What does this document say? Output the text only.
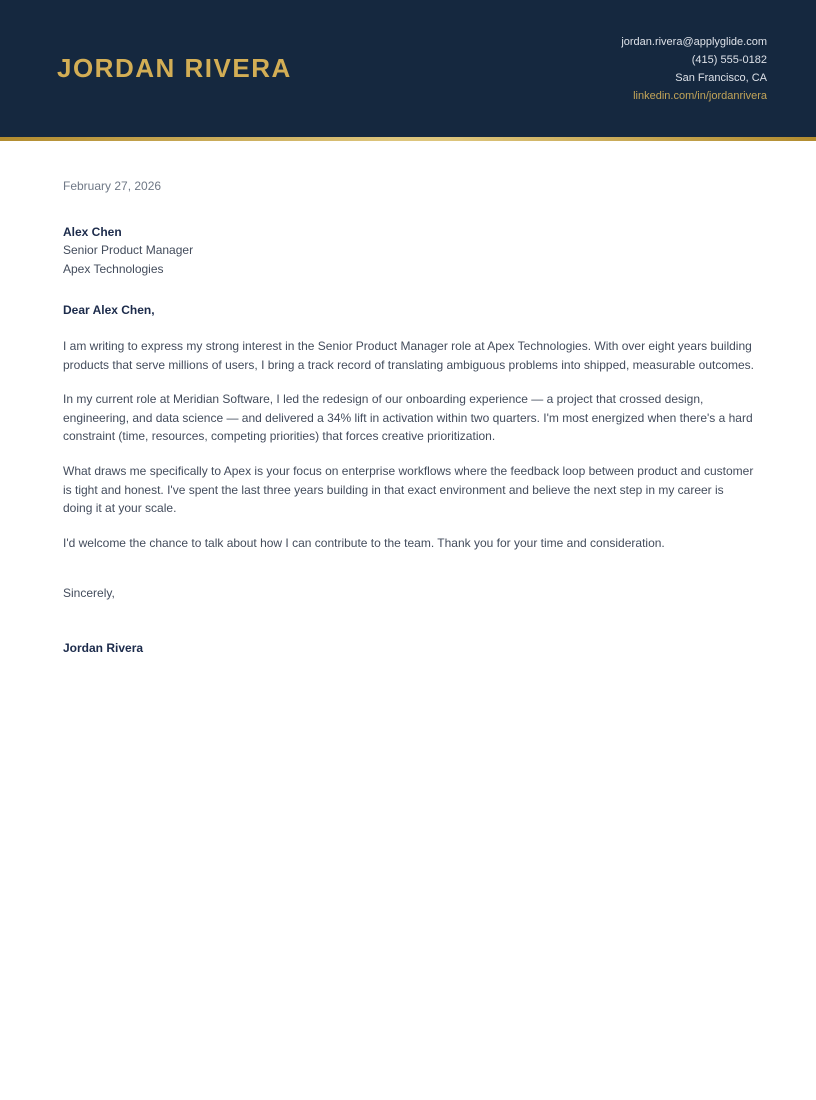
JORDAN RIVERA
jordan.rivera@applyglide.com
(415) 555-0182
San Francisco, CA
linkedin.com/in/jordanrivera
February 27, 2026
Alex Chen
Senior Product Manager
Apex Technologies

Dear Alex Chen,

I am writing to express my strong interest in the Senior Product Manager role at Apex Technologies. With over eight years building products that serve millions of users, I bring a track record of translating ambiguous problems into shipped, measurable outcomes.

In my current role at Meridian Software, I led the redesign of our onboarding experience — a project that crossed design, engineering, and data science — and delivered a 34% lift in activation within two quarters. I'm most energized when there's a hard constraint (time, resources, competing priorities) that forces creative prioritization.

What draws me specifically to Apex is your focus on enterprise workflows where the feedback loop between product and customer is tight and honest. I've spent the last three years building in that exact environment and believe the next step in my career is doing it at your scale.

I'd welcome the chance to talk about how I can contribute to the team. Thank you for your time and consideration.

Sincerely,

Jordan Rivera
